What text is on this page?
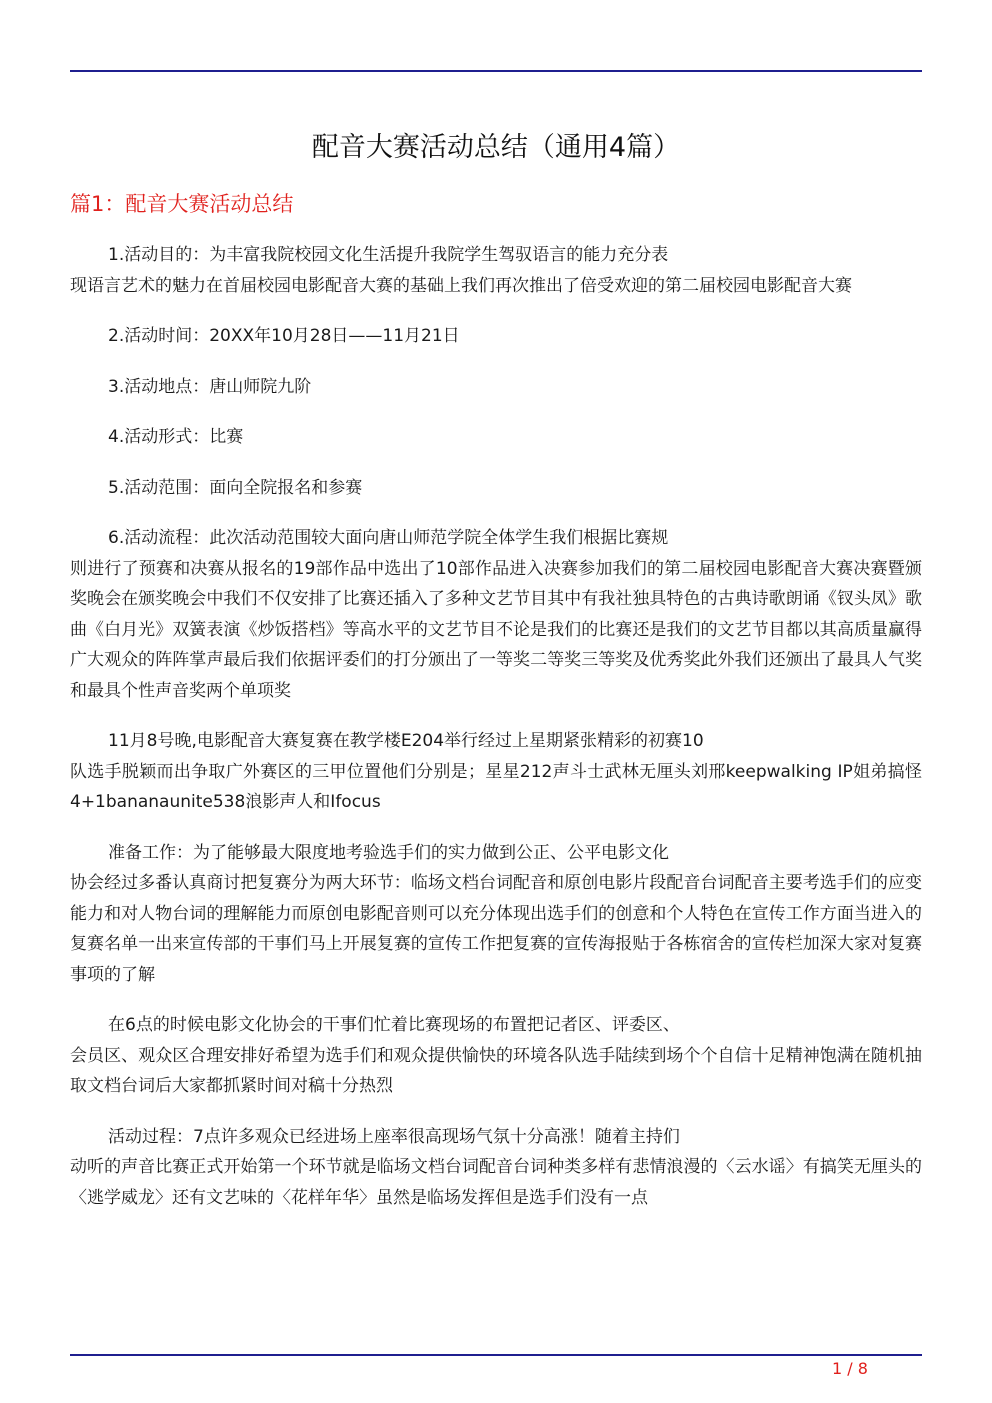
配音大赛活动总结（通用4篇）
篇1：配音大赛活动总结
1.活动目的：为丰富我院校园文化生活提升我院学生驾驭语言的能力充分表
现语言艺术的魅力在首届校园电影配音大赛的基础上我们再次推出了倍受欢迎的第二届校园电影配音大赛
2.活动时间：20XX年10月28日——11月21日
3.活动地点：唐山师院九阶
4.活动形式：比赛
5.活动范围：面向全院报名和参赛
6.活动流程：此次活动范围较大面向唐山师范学院全体学生我们根据比赛规
则进行了预赛和决赛从报名的19部作品中选出了10部作品进入决赛参加我们的第二届校园电影配音大赛决赛暨颁奖晚会在颁奖晚会中我们不仅安排了比赛还插入了多种文艺节目其中有我社独具特色的古典诗歌朗诵《钗头凤》歌曲《白月光》双簧表演《炒饭搭档》等高水平的文艺节目不论是我们的比赛还是我们的文艺节目都以其高质量赢得广大观众的阵阵掌声最后我们依据评委们的打分颁出了一等奖二等奖三等奖及优秀奖此外我们还颁出了最具人气奖和最具个性声音奖两个单项奖
11月8号晚,电影配音大赛复赛在教学楼E204举行经过上星期紧张精彩的初赛10
队选手脱颖而出争取广外赛区的三甲位置他们分别是；星星212声斗士武林无厘头刘邢keepwalking IP姐弟搞怪4+1bananaunite538浪影声人和Ifocus
准备工作：为了能够最大限度地考验选手们的实力做到公正、公平电影文化
协会经过多番认真商讨把复赛分为两大环节：临场文档台词配音和原创电影片段配音台词配音主要考选手们的应变能力和对人物台词的理解能力而原创电影配音则可以充分体现出选手们的创意和个人特色在宣传工作方面当进入的复赛名单一出来宣传部的干事们马上开展复赛的宣传工作把复赛的宣传海报贴于各栋宿舍的宣传栏加深大家对复赛事项的了解
在6点的时候电影文化协会的干事们忙着比赛现场的布置把记者区、评委区、
会员区、观众区合理安排好希望为选手们和观众提供愉快的环境各队选手陆续到场个个自信十足精神饱满在随机抽取文档台词后大家都抓紧时间对稿十分热烈
活动过程：7点许多观众已经进场上座率很高现场气氛十分高涨！随着主持们
动听的声音比赛正式开始第一个环节就是临场文档台词配音台词种类多样有悲情浪漫的〈云水谣〉有搞笑无厘头的〈逃学威龙〉还有文艺味的〈花样年华〉虽然是临场发挥但是选手们没有一点
1 / 8
